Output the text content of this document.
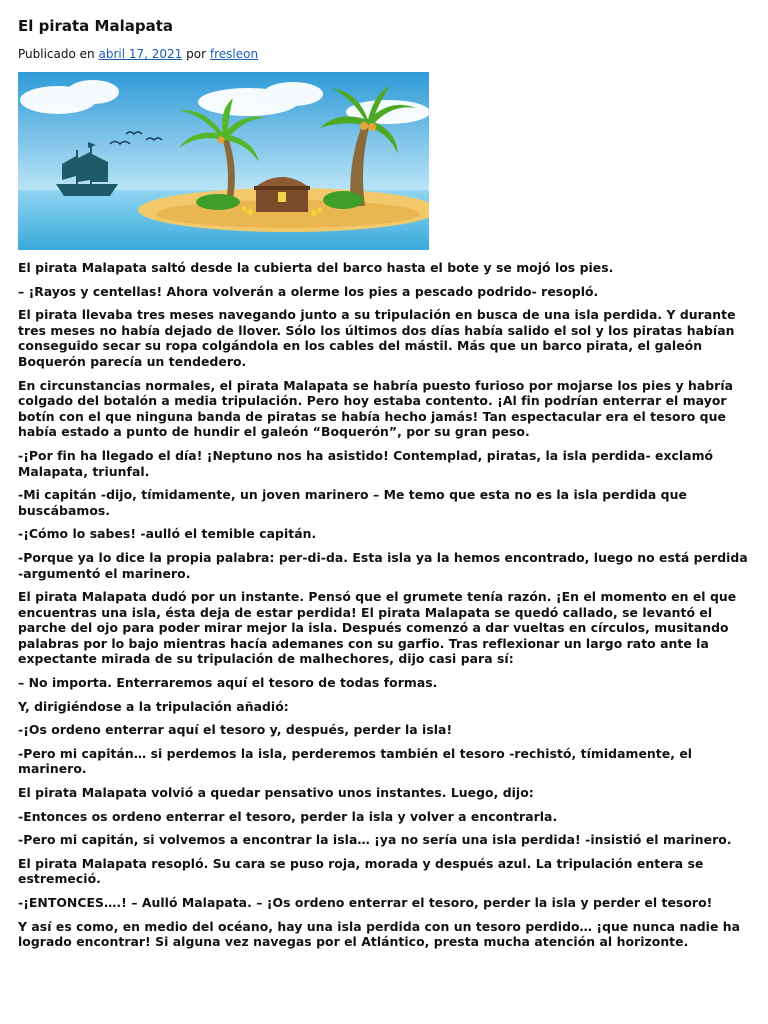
El pirata Malapata
Publicado en abril 17, 2021 por fresleon

El pirata Malapata saltó desde la cubierta del barco hasta el bote y se mojó los pies.

– ¡Rayos y centellas! Ahora volverán a olerme los pies a pescado podrido- resopló.

El pirata llevaba tres meses navegando junto a su tripulación en busca de una isla perdida. Y durante tres meses no había dejado de llover. Sólo los últimos dos días había salido el sol y los piratas habían conseguido secar su ropa colgándola en los cables del mástil. Más que un barco pirata, el galeón Boquerón parecía un tendedero.

En circunstancias normales, el pirata Malapata se habría puesto furioso por mojarse los pies y habría colgado del botalón a media tripulación. Pero hoy estaba contento. ¡Al fin podrían enterrar el mayor botín con el que ninguna banda de piratas se había hecho jamás! Tan espectacular era el tesoro que había estado a punto de hundir el galeón “Boquerón”, por su gran peso.

-¡Por fin ha llegado el día! ¡Neptuno nos ha asistido! Contemplad, piratas, la isla perdida- exclamó Malapata, triunfal.

-Mi capitán -dijo, tímidamente, un joven marinero – Me temo que esta no es la isla perdida que buscábamos.

-¡Cómo lo sabes! -aulló el temible capitán.

-Porque ya lo dice la propia palabra: per-di-da. Esta isla ya la hemos encontrado, luego no está perdida -argumentó el marinero.

El pirata Malapata dudó por un instante. Pensó que el grumete tenía razón. ¡En el momento en el que encuentras una isla, ésta deja de estar perdida! El pirata Malapata se quedó callado, se levantó el parche del ojo para poder mirar mejor la isla. Después comenzó a dar vueltas en círculos, musitando palabras por lo bajo mientras hacía ademanes con su garfio. Tras reflexionar un largo rato ante la expectante mirada de su tripulación de malhechores, dijo casi para sí:

– No importa. Enterraremos aquí el tesoro de todas formas.

Y, dirigiéndose a la tripulación añadió:

-¡Os ordeno enterrar aquí el tesoro y, después, perder la isla!

-Pero mi capitán… si perdemos la isla, perderemos también el tesoro -rechistó, tímidamente, el marinero.

El pirata Malapata volvió a quedar pensativo unos instantes. Luego, dijo:

-Entonces os ordeno enterrar el tesoro, perder la isla y volver a encontrarla.

-Pero mi capitán, si volvemos a encontrar la isla… ¡ya no sería una isla perdida! -insistió el marinero.

El pirata Malapata resopló. Su cara se puso roja, morada y después azul. La tripulación entera se estremeció.

-¡ENTONCES….! – Aulló Malapata. – ¡Os ordeno enterrar el tesoro, perder la isla y perder el tesoro!

Y así es como, en medio del océano, hay una isla perdida con un tesoro perdido… ¡que nunca nadie ha logrado encontrar! Si alguna vez navegas por el Atlántico, presta mucha atención al horizonte.
